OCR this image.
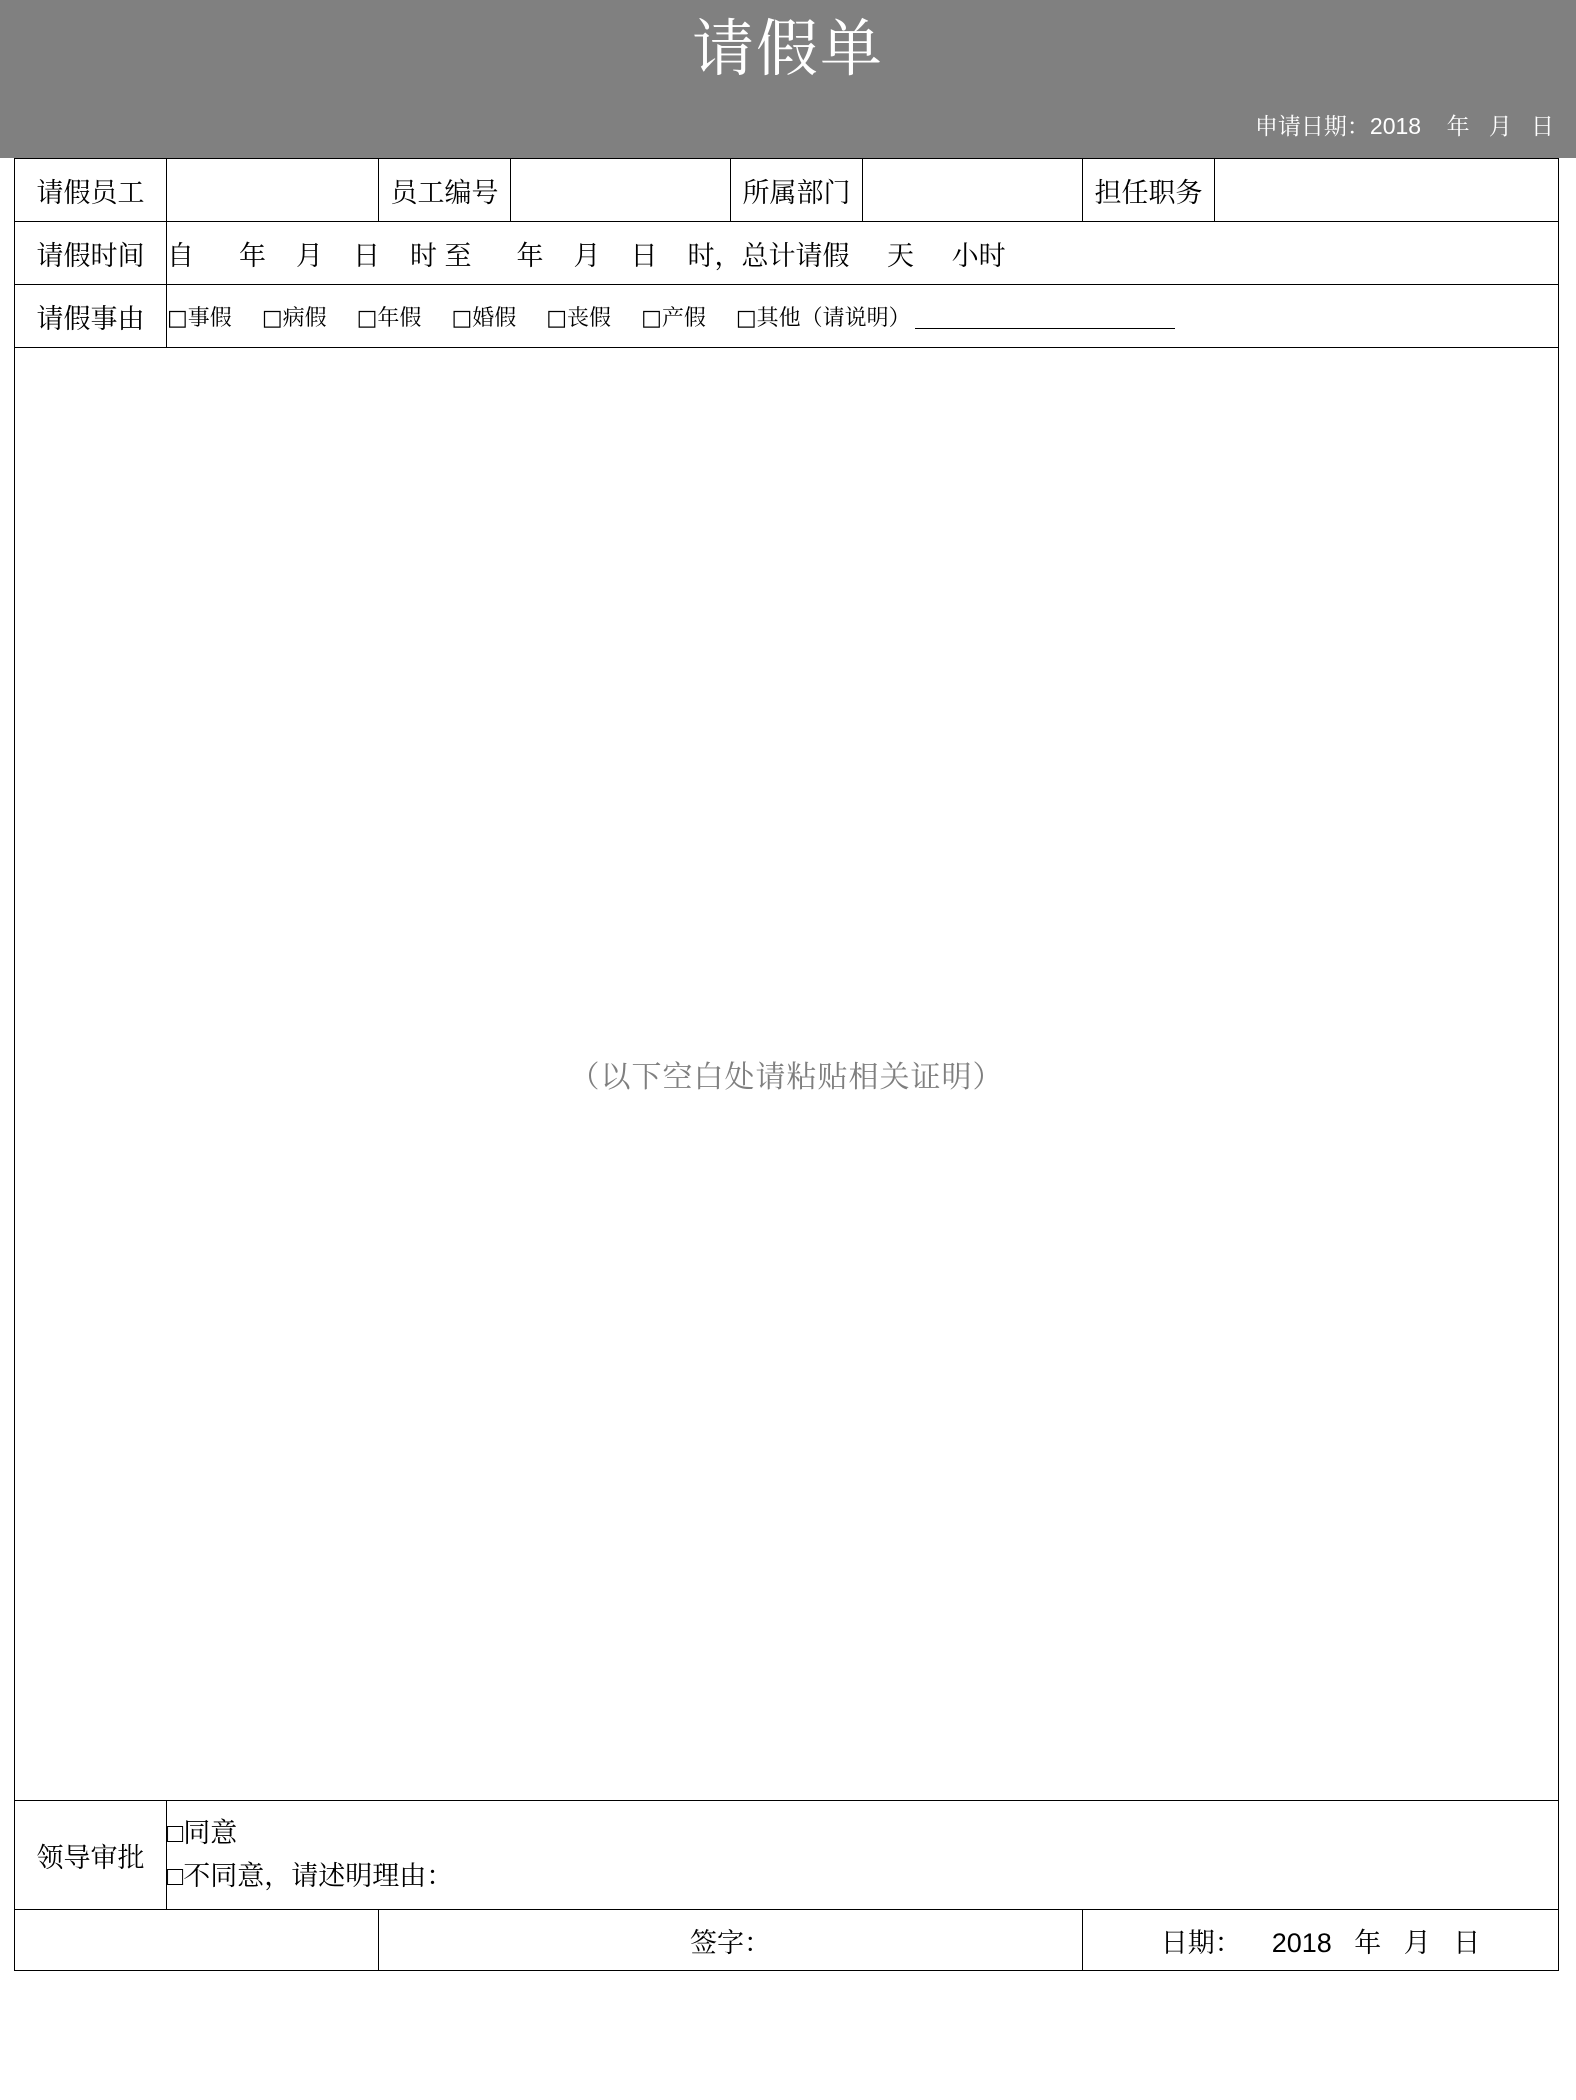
请假单
申请日期：2018    年   月   日
请假员工		员工编号		所属部门		担任职务	
请假时间	自      年    月    日    时 至      年    月    日    时，总计请假     天     小时						
请假事由	□事假 □病假 □年假 □婚假 □丧假 □产假 □其他（请说明）						

（以下空白处请粘贴相关证明）							

领导审批	□同意
□不同意，请述明理由：						

		签字：				日期：    2018   年   月   日	
